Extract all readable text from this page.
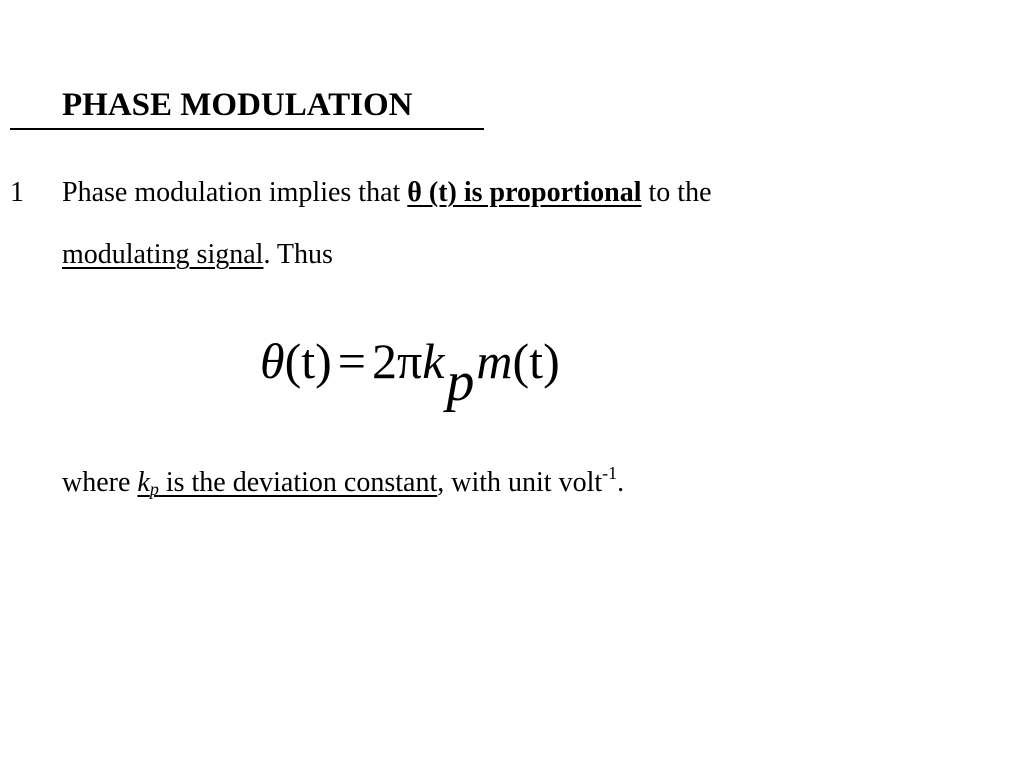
PHASE MODULATION
1 Phase modulation implies that θ (t) is proportional to the
modulating signal. Thus
θ(t) = 2πkpm(t)
where $k_p$ is the deviation constant, with unit volt$^{-1}$.
